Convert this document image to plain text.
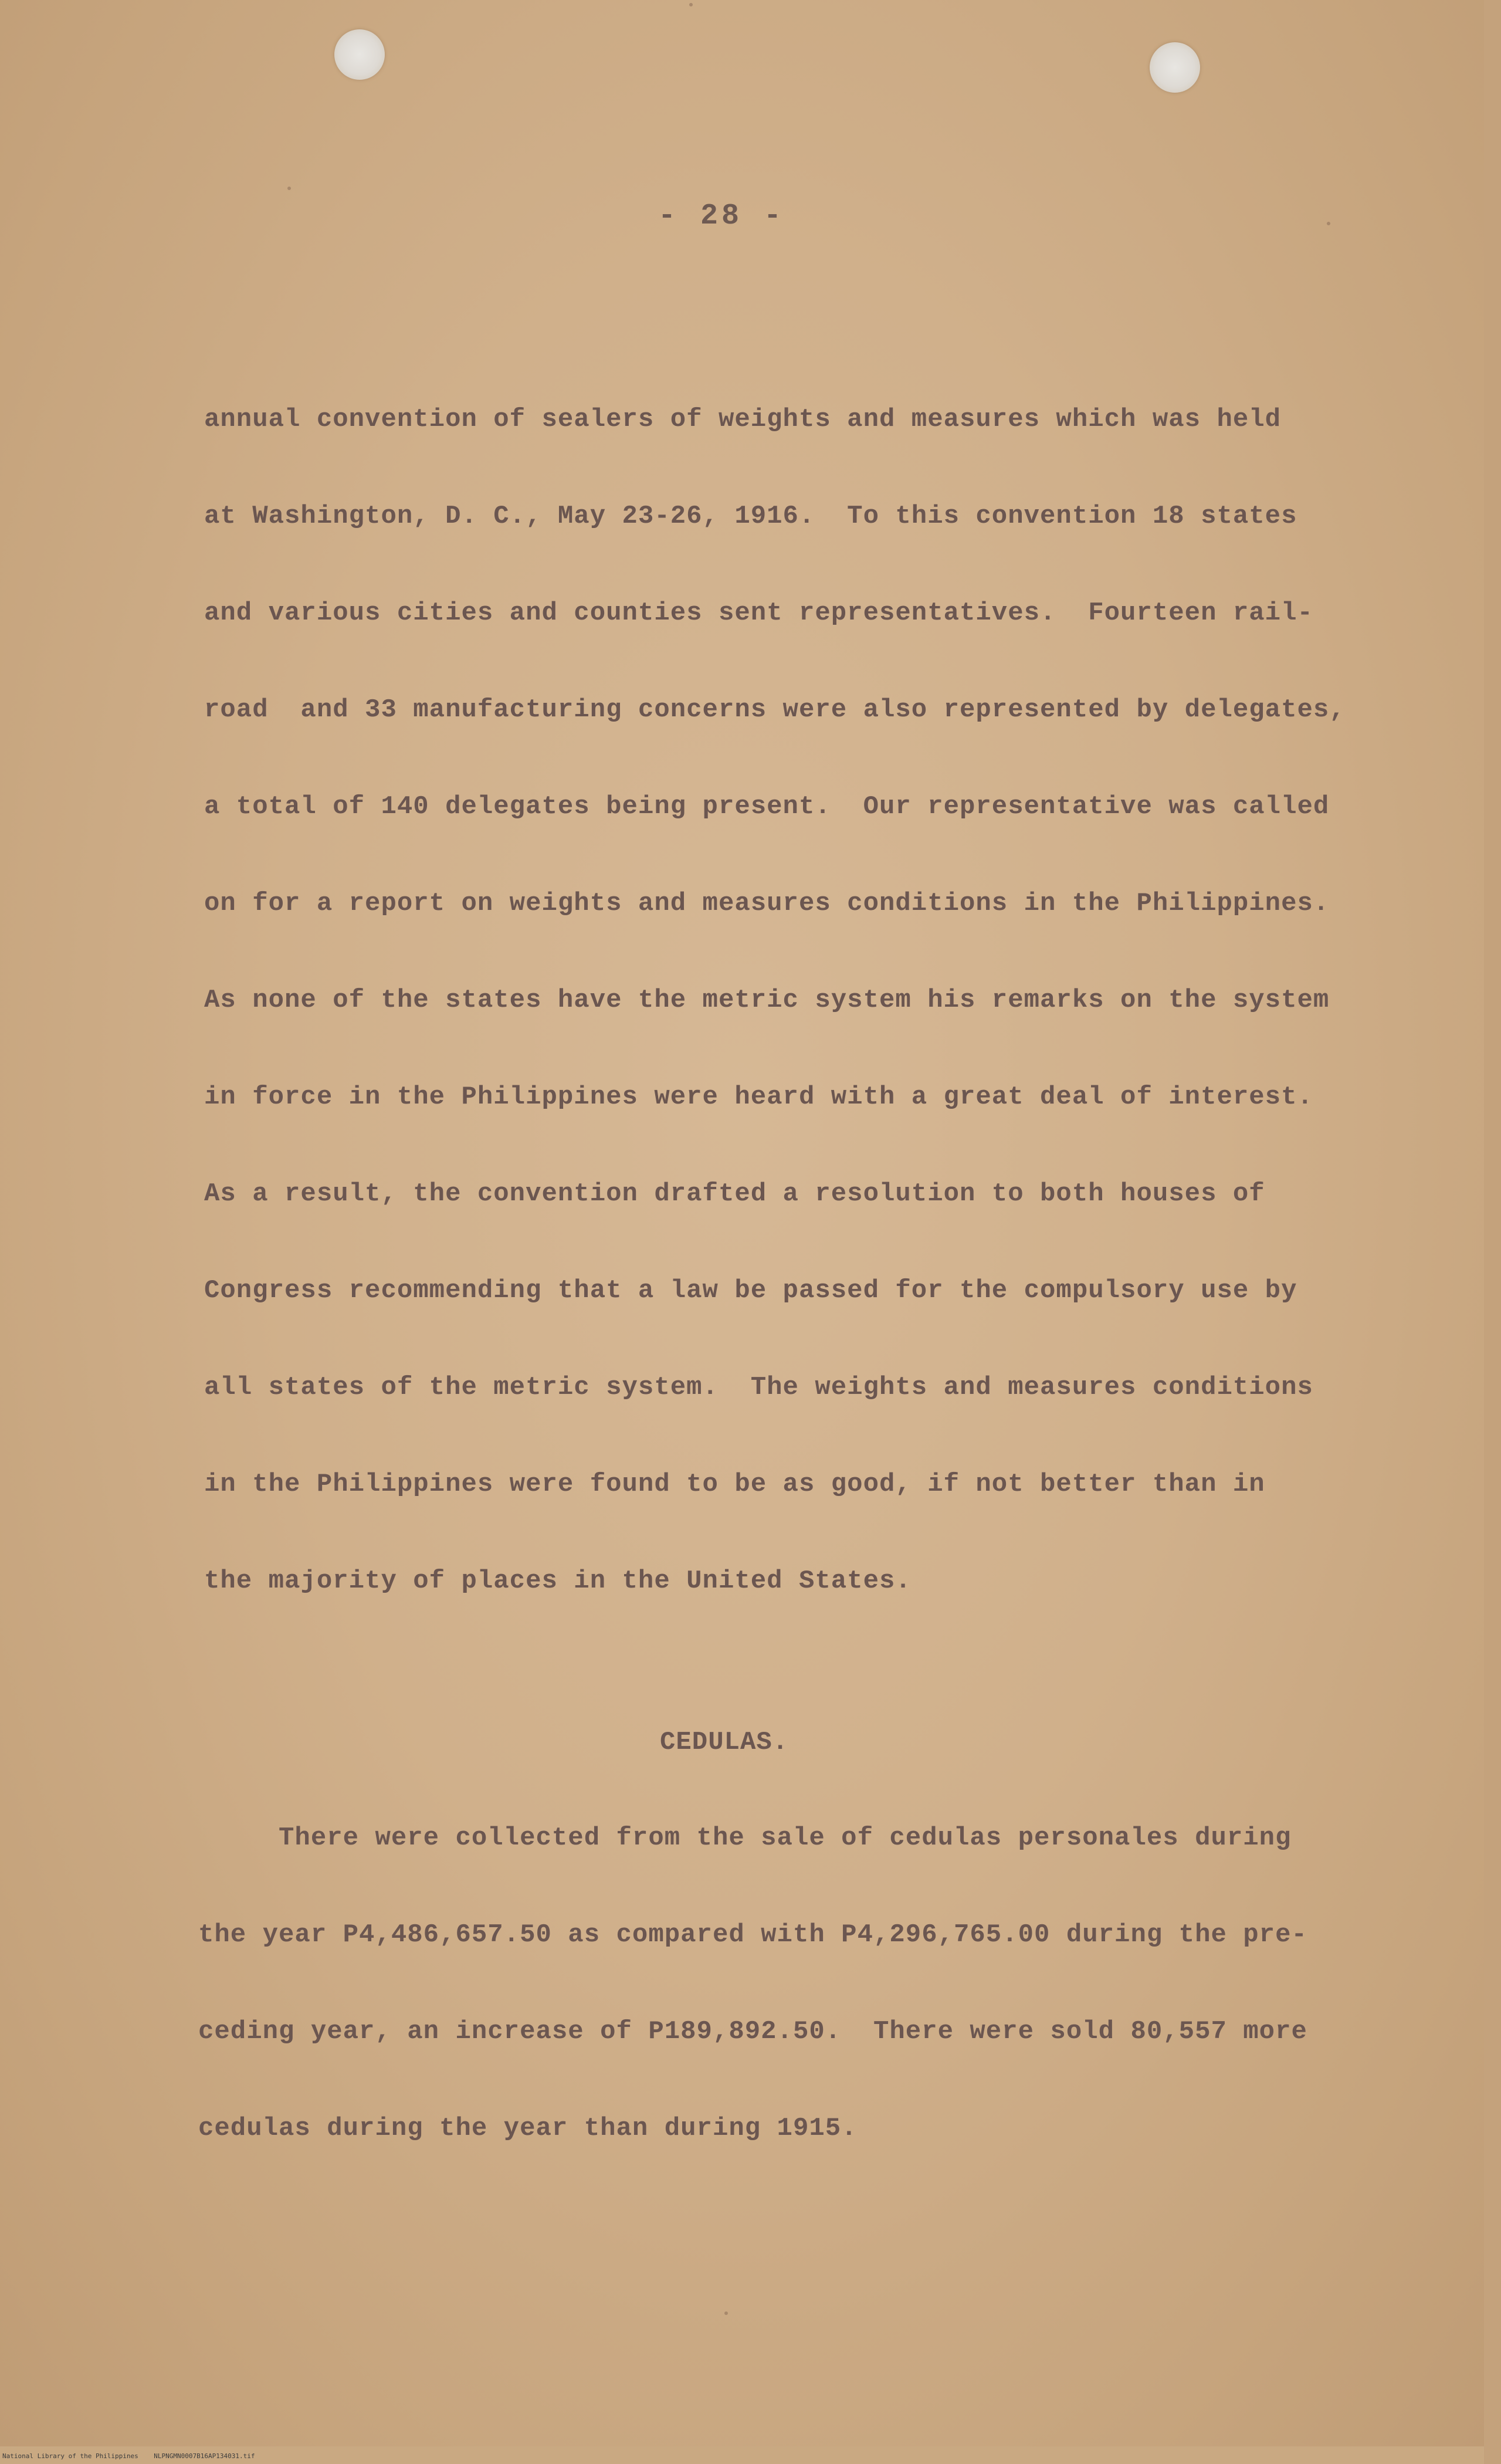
- 28 -

annual convention of sealers of weights and measures which was held

at Washington, D. C., May 23-26, 1916.  To this convention 18 states

and various cities and counties sent representatives.  Fourteen rail-

road  and 33 manufacturing concerns were also represented by delegates,

a total of 140 delegates being present.  Our representative was called

on for a report on weights and measures conditions in the Philippines.

As none of the states have the metric system his remarks on the system

in force in the Philippines were heard with a great deal of interest.

As a result, the convention drafted a resolution to both houses of

Congress recommending that a law be passed for the compulsory use by

all states of the metric system.  The weights and measures conditions

in the Philippines were found to be as good, if not better than in

the majority of places in the United States.

CEDULAS.

There were collected from the sale of cedulas personales during

the year P4,486,657.50 as compared with P4,296,765.00 during the pre-

ceding year, an increase of P189,892.50.  There were sold 80,557 more

cedulas during the year than during 1915.

National Library of the Philippines    NLPNGMN0007B16AP134031.tif
